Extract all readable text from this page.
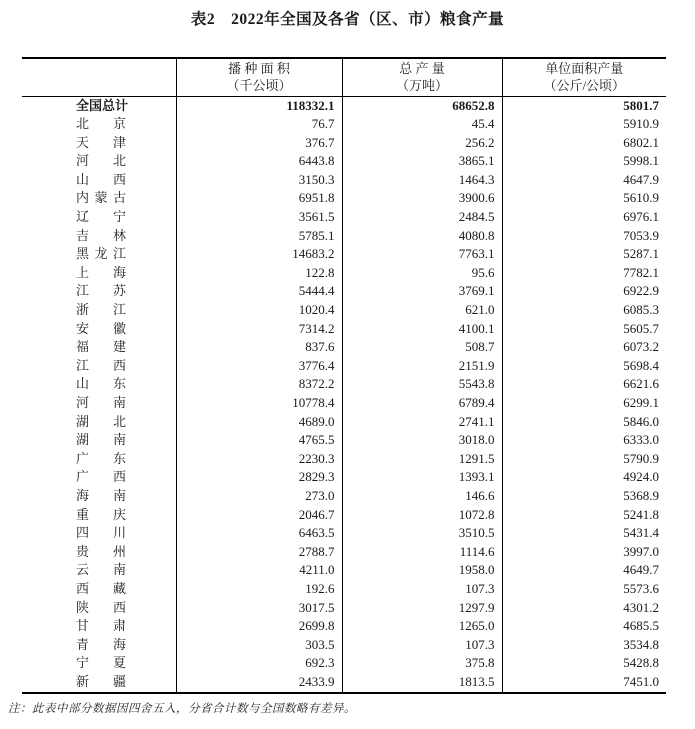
表2　2022年全国及各省（区、市）粮食产量

播 种 面 积
（千公顷）

总 产 量
（万吨）

单位面积产量
（公斤/公顷）

全国总计	118332.1	68652.8	5801.7
北京	76.7	45.4	5910.9
天津	376.7	256.2	6802.1
河北	6443.8	3865.1	5998.1
山西	3150.3	1464.3	4647.9
内蒙古	6951.8	3900.6	5610.9
辽宁	3561.5	2484.5	6976.1
吉林	5785.1	4080.8	7053.9
黑龙江	14683.2	7763.1	5287.1
上海	122.8	95.6	7782.1
江苏	5444.4	3769.1	6922.9
浙江	1020.4	621.0	6085.3
安徽	7314.2	4100.1	5605.7
福建	837.6	508.7	6073.2
江西	3776.4	2151.9	5698.4
山东	8372.2	5543.8	6621.6
河南	10778.4	6789.4	6299.1
湖北	4689.0	2741.1	5846.0
湖南	4765.5	3018.0	6333.0
广东	2230.3	1291.5	5790.9
广西	2829.3	1393.1	4924.0
海南	273.0	146.6	5368.9
重庆	2046.7	1072.8	5241.8
四川	6463.5	3510.5	5431.4
贵州	2788.7	1114.6	3997.0
云南	4211.0	1958.0	4649.7
西藏	192.6	107.3	5573.6
陕西	3017.5	1297.9	4301.2
甘肃	2699.8	1265.0	4685.5
青海	303.5	107.3	3534.8
宁夏	692.3	375.8	5428.8
新疆	2433.9	1813.5	7451.0
注：此表中部分数据因四舍五入，分省合计数与全国数略有差异。
